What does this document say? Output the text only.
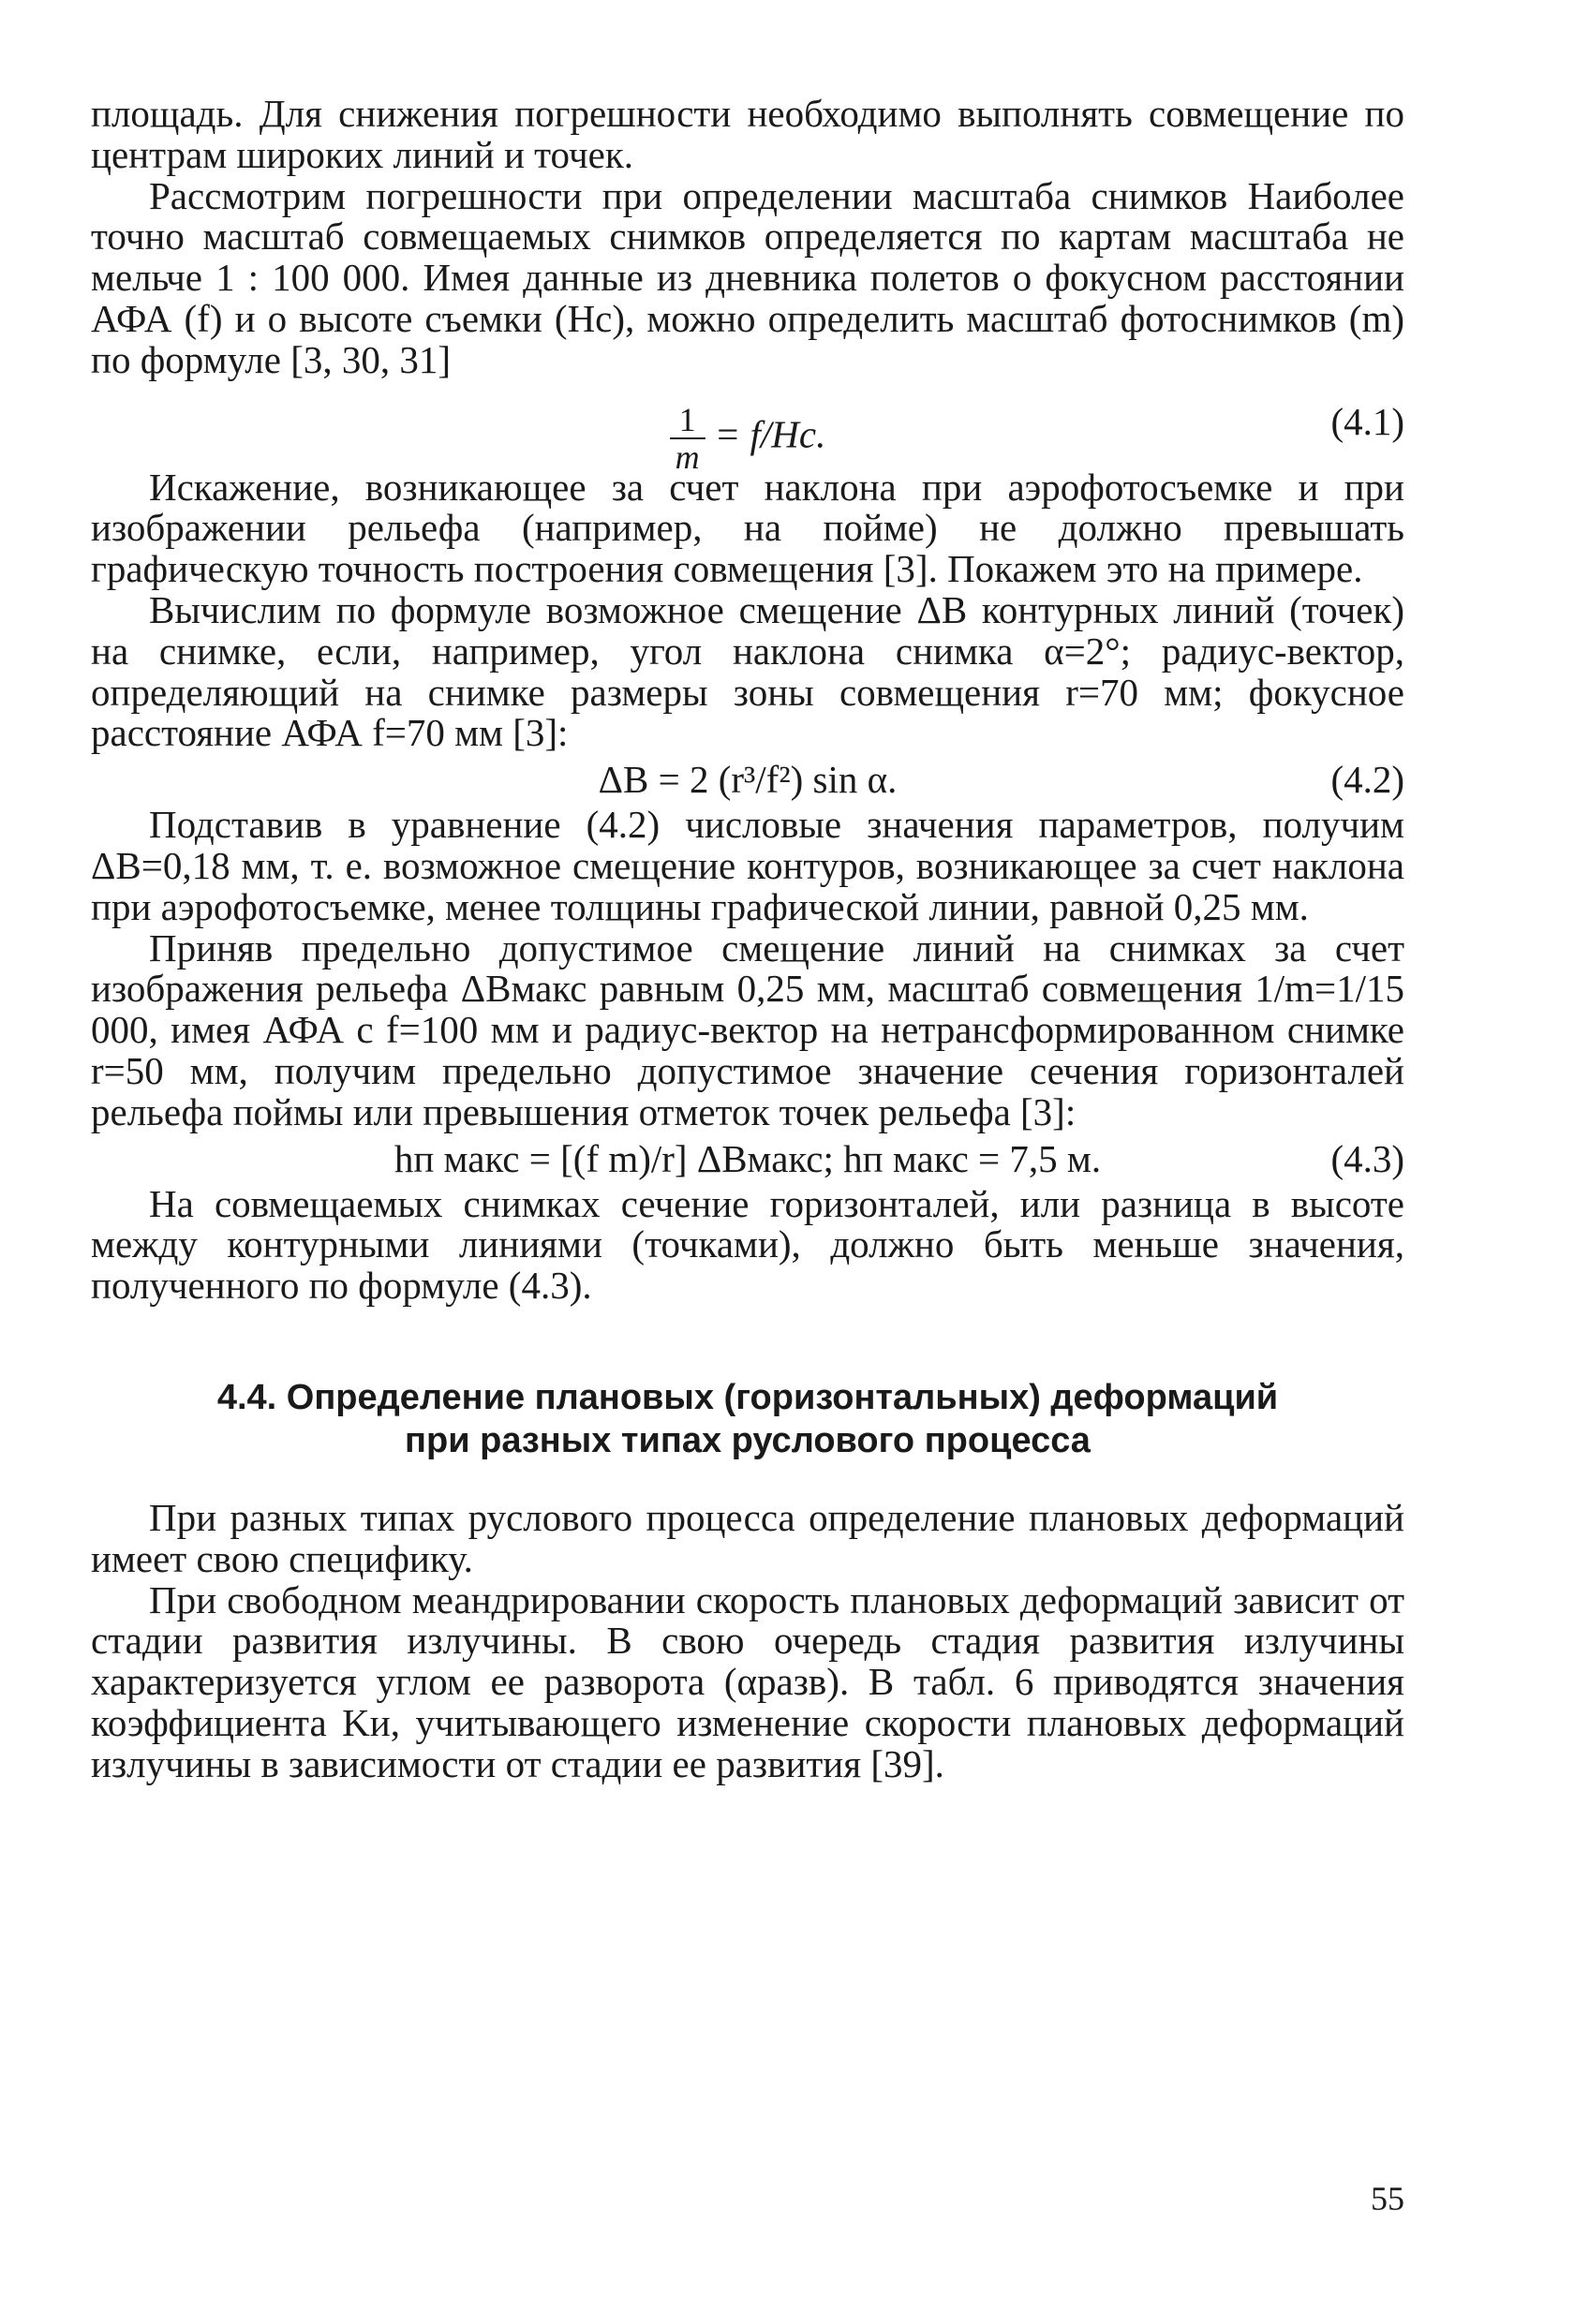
площадь. Для снижения погрешности необходимо выполнять совмещение по центрам широких линий и точек.

Рассмотрим погрешности при определении масштаба снимков Наиболее точно масштаб совмещаемых снимков определяется по картам масштаба не мельче 1 : 100 000. Имея данные из дневника полетов о фокусном расстоянии АФА (f) и о высоте съемки (Hc), можно определить масштаб фотоснимков (m) по формуле [3, 30, 31]

$\frac{1}{m} = f/Hc$.	(4.1)

Искажение, возникающее за счет наклона при аэрофотосъемке и при изображении рельефа (например, на пойме) не должно превышать графическую точность построения совмещения [3]. Покажем это на примере.

Вычислим по формуле возможное смещение ΔB контурных линий (точек) на снимке, если, например, угол наклона снимка α=2°; радиус-вектор, определяющий на снимке размеры зоны совмещения r=70 мм; фокусное расстояние АФА f=70 мм [3]:

ΔB = 2 (r³/f²) sin α.	(4.2)

Подставив в уравнение (4.2) числовые значения параметров, получим ΔB=0,18 мм, т. е. возможное смещение контуров, возникающее за счет наклона при аэрофотосъемке, менее толщины графической линии, равной 0,25 мм.

Приняв предельно допустимое смещение линий на снимках за счет изображения рельефа ΔBмакс равным 0,25 мм, масштаб совмещения 1/m=1/15 000, имея АФА с f=100 мм и радиус-вектор на нетрансформированном снимке r=50 мм, получим предельно допустимое значение сечения горизонталей рельефа поймы или превышения отметок точек рельефа [3]:

hп макс = [(f m)/r] ΔBмакс; hп макс = 7,5 м.	(4.3)

На совмещаемых снимках сечение горизонталей, или разница в высоте между контурными линиями (точками), должно быть меньше значения, полученного по формуле (4.3).

4.4. Определение плановых (горизонтальных) деформаций
при разных типах руслового процесса

При разных типах руслового процесса определение плановых деформаций имеет свою специфику.

При свободном меандрировании скорость плановых деформаций зависит от стадии развития излучины. В свою очередь стадия развития излучины характеризуется углом ее разворота (αразв). В табл. 6 приводятся значения коэффициента Kи, учитывающего изменение скорости плановых деформаций излучины в зависимости от стадии ее развития [39].

55
